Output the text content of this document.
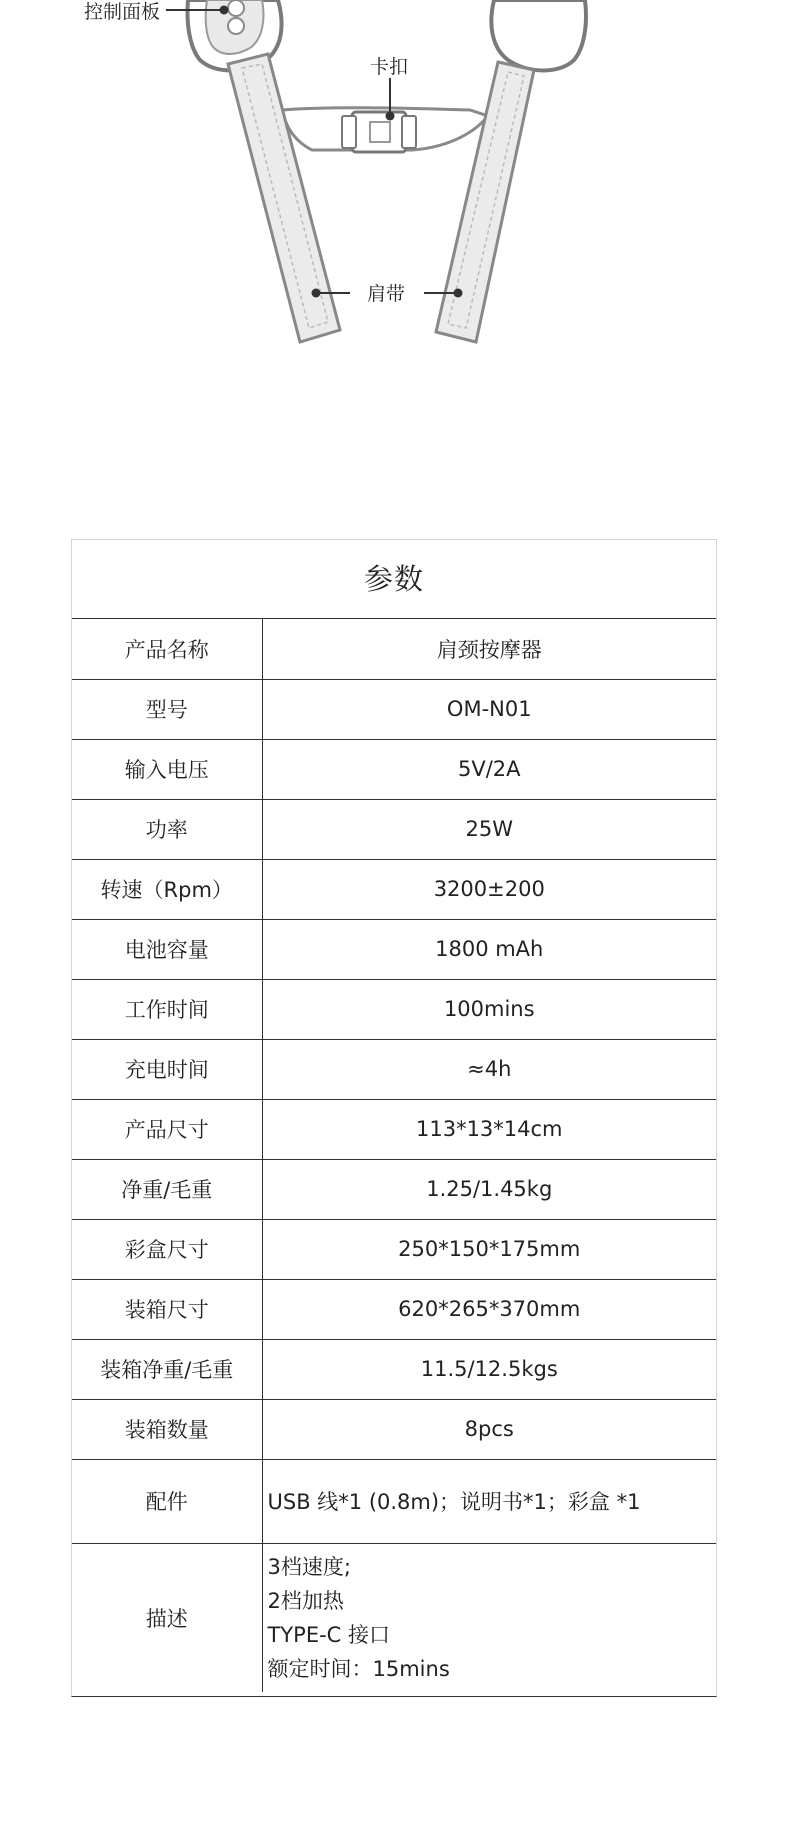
控制面板
卡扣
肩带
参数
产品名称	肩颈按摩器
型号	OM-N01
输入电压	5V/2A
功率	25W
转速（Rpm）	3200±200
电池容量	1800 mAh
工作时间	100mins
充电时间	≈4h
产品尺寸	113*13*14cm
净重/毛重	1.25/1.45kg
彩盒尺寸	250*150*175mm
装箱尺寸	620*265*370mm
装箱净重/毛重	11.5/12.5kgs
装箱数量	8pcs
配件	USB 线*1 (0.8m)；说明书*1；彩盒 *1
描述	3档速度;
2档加热
TYPE-C 接口
额定时间：15mins
